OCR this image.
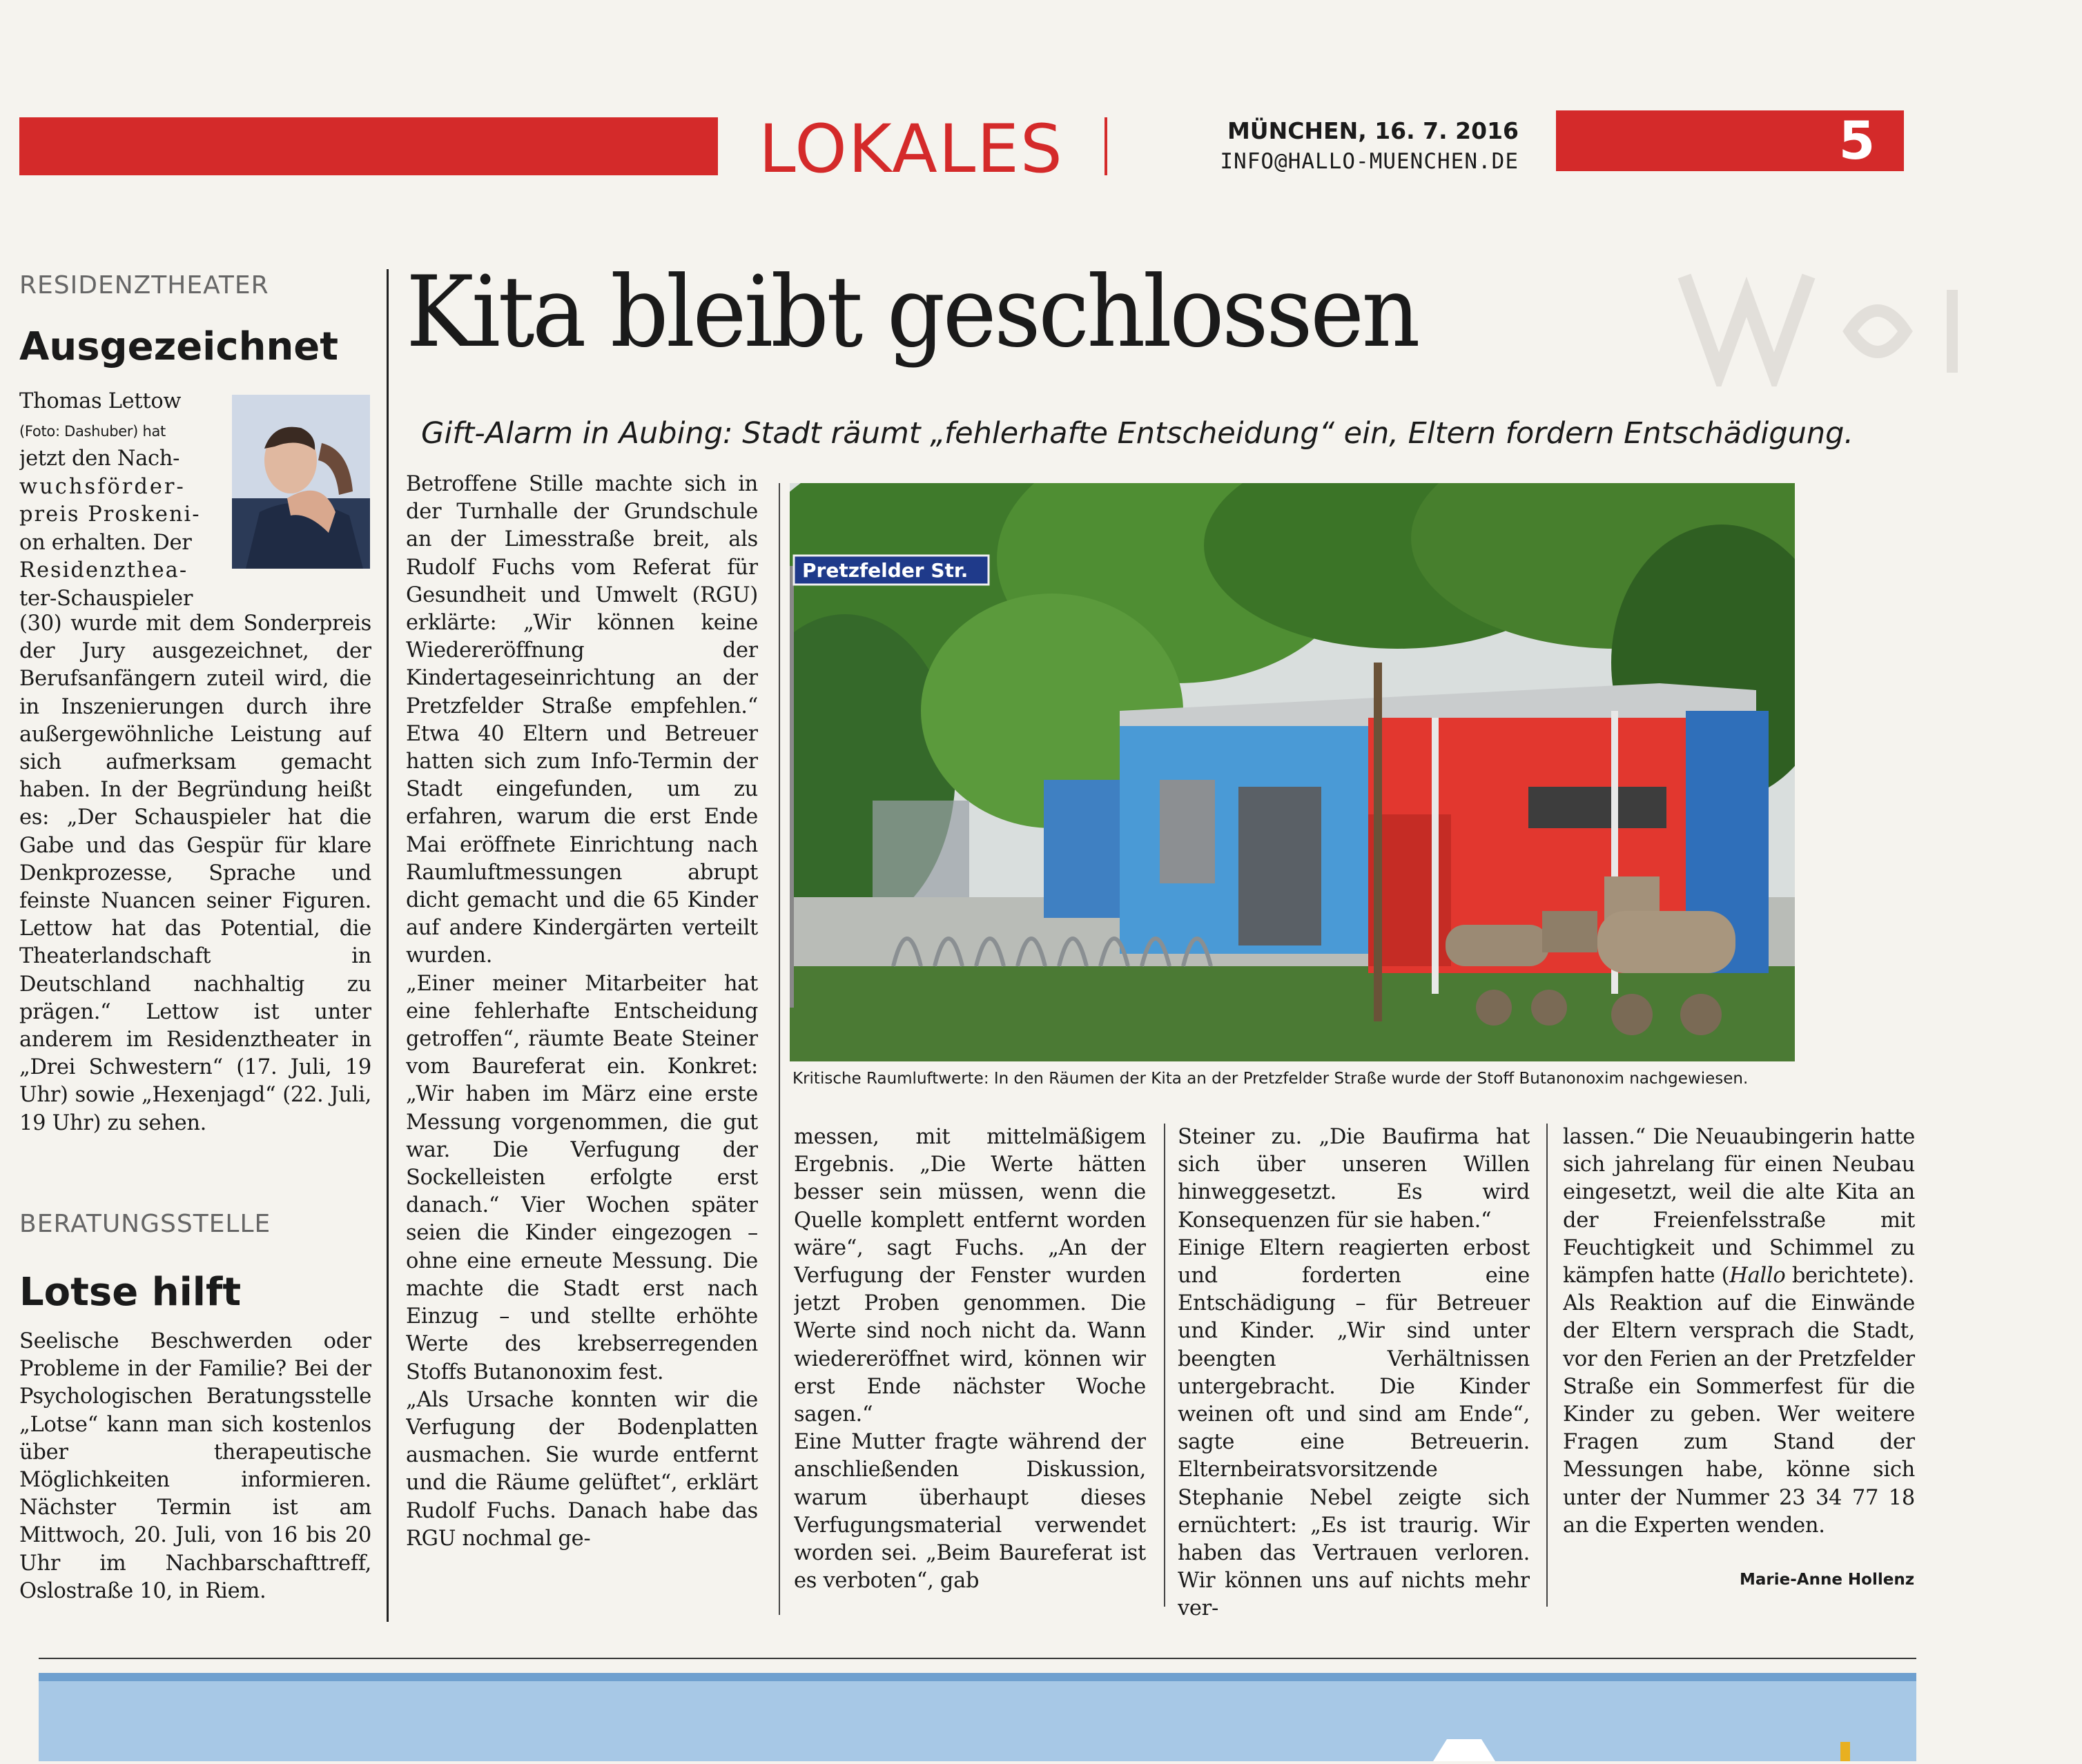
LOKALES	MÜNCHEN, 16. 7. 2016
INFO@HALLO-MUENCHEN.DE	5
RESIDENZTHEATER
Ausgezeichnet
Thomas Lettow
(Foto: Dashuber) hat
jetzt den Nach-
wuchsförder-
preis Proskeni-
on erhalten. Der
Residenzthea-
ter-Schauspieler
(30) wurde mit dem Sonderpreis der Jury ausgezeichnet, der Berufsanfängern zuteil wird, die in Inszenierungen durch ihre außergewöhnliche Leistung auf sich aufmerksam gemacht haben. In der Begründung heißt es: „Der Schauspieler hat die Gabe und das Gespür für klare Denkprozesse, Sprache und feinste Nuancen seiner Figuren. Lettow hat das Potential, die Theaterlandschaft in Deutschland nachhaltig zu prägen.“ Lettow ist unter anderem im Residenztheater in „Drei Schwestern“ (17. Juli, 19 Uhr) sowie „Hexenjagd“ (22. Juli, 19 Uhr) zu sehen.
BERATUNGSSTELLE
Lotse hilft
Seelische Beschwerden oder Probleme in der Familie? Bei der Psychologischen Beratungsstelle „Lotse“ kann man sich kostenlos über therapeutische Möglichkeiten informieren. Nächster Termin ist am Mittwoch, 20. Juli, von 16 bis 20 Uhr im Nachbarschafttreff, Oslostraße 10, in Riem.
Kita bleibt geschlossen
Gift-Alarm in Aubing: Stadt räumt „fehlerhafte Entscheidung“ ein, Eltern fordern Entschädigung.

Betroffene Stille machte sich in der Turnhalle der Grundschule an der Limesstraße breit, als Rudolf Fuchs vom Referat für Gesundheit und Umwelt (RGU) erklärte: „Wir können keine Wiedereröffnung der Kindertageseinrichtung an der Pretzfelder Straße empfehlen.“ Etwa 40 Eltern und Betreuer hatten sich zum Info-Termin der Stadt eingefunden, um zu erfahren, warum die erst Ende Mai eröffnete Einrichtung nach Raumluftmessungen abrupt dicht gemacht und die 65 Kinder auf andere Kindergärten verteilt wurden.

„Einer meiner Mitarbeiter hat eine fehlerhafte Entscheidung getroffen“, räumte Beate Steiner vom Baureferat ein. Konkret: „Wir haben im März eine erste Messung vorgenommen, die gut war. Die Verfugung der Sockelleisten erfolgte erst danach.“ Vier Wochen später seien die Kinder eingezogen – ohne eine erneute Messung. Die machte die Stadt erst nach Einzug – und stellte erhöhte Werte des krebserregenden Stoffs Butanonoxim fest.

„Als Ursache konnten wir die Verfugung der Bodenplatten ausmachen. Sie wurde entfernt und die Räume gelüftet“, erklärt Rudolf Fuchs. Danach habe das RGU nochmal ge-

Pretzfelder Str.
Kritische Raumluftwerte: In den Räumen der Kita an der Pretzfelder Straße wurde der Stoff Butanonoxim nachgewiesen.

messen, mit mittelmäßigem Ergebnis. „Die Werte hätten besser sein müssen, wenn die Quelle komplett entfernt worden wäre“, sagt Fuchs. „An der Verfugung der Fenster wurden jetzt Proben genommen. Die Werte sind noch nicht da. Wann wiedereröffnet wird, können wir erst Ende nächster Woche sagen.“

Eine Mutter fragte während der anschließenden Diskussion, warum überhaupt dieses Verfugungsmaterial verwendet worden sei. „Beim Baureferat ist es verboten“, gab

Steiner zu. „Die Baufirma hat sich über unseren Willen hinweggesetzt. Es wird Konsequenzen für sie haben.“

Einige Eltern reagierten erbost und forderten eine Entschädigung – für Betreuer und Kinder. „Wir sind unter beengten Verhältnissen untergebracht. Die Kinder weinen oft und sind am Ende“, sagte eine Betreuerin. Elternbeiratsvorsitzende Stephanie Nebel zeigte sich ernüchtert: „Es ist traurig. Wir haben das Vertrauen verloren. Wir können uns auf nichts mehr ver-

lassen.“ Die Neuaubingerin hatte sich jahrelang für einen Neubau eingesetzt, weil die alte Kita an der Freienfelsstraße mit Feuchtigkeit und Schimmel zu kämpfen hatte (Hallo berichtete).

Als Reaktion auf die Einwände der Eltern versprach die Stadt, vor den Ferien an der Pretzfelder Straße ein Sommerfest für die Kinder zu geben. Wer weitere Fragen zum Stand der Messungen habe, könne sich unter der Nummer 23 34 77 18 an die Experten wenden.

Marie-Anne Hollenz
